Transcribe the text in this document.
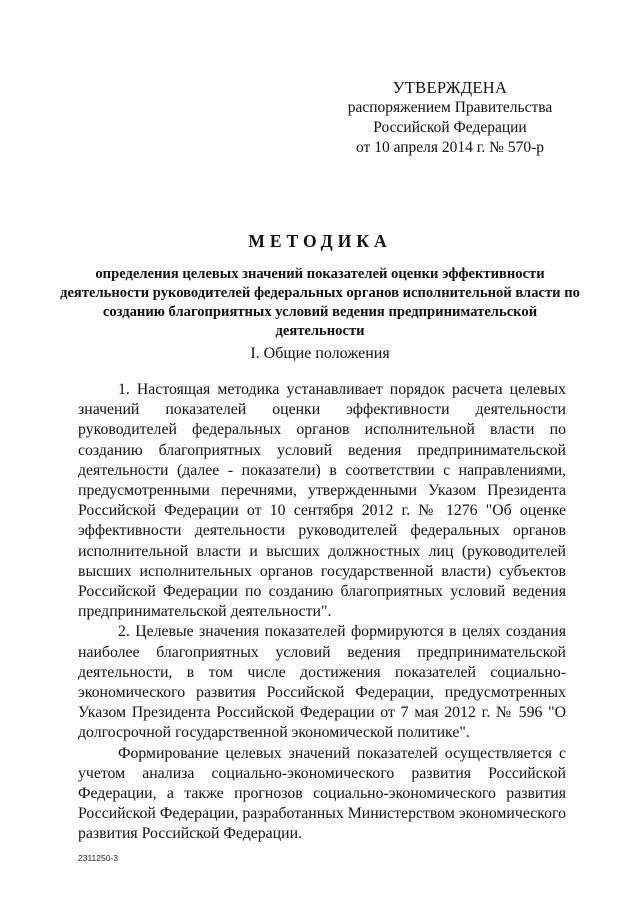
УТВЕРЖДЕНА
распоряжением Правительства
Российской Федерации
от 10 апреля 2014 г. № 570-р
МЕТОДИКА
определения целевых значений показателей оценки эффективности деятельности руководителей федеральных органов исполнительной власти по созданию благоприятных условий ведения предпринимательской деятельности
I. Общие положения

1. Настоящая методика устанавливает порядок расчета целевых значений показателей оценки эффективности деятельности руководителей федеральных органов исполнительной власти по созданию благоприятных условий ведения предпринимательской деятельности (далее - показатели) в соответствии с направлениями, предусмотренными перечнями, утвержденными Указом Президента Российской Федерации от 10 сентября 2012 г. № 1276 "Об оценке эффективности деятельности руководителей федеральных органов исполнительной власти и высших должностных лиц (руководителей высших исполнительных органов государственной власти) субъектов Российской Федерации по созданию благоприятных условий ведения предпринимательской деятельности".

2. Целевые значения показателей формируются в целях создания наиболее благоприятных условий ведения предпринимательской деятельности, в том числе достижения показателей социально-экономического развития Российской Федерации, предусмотренных Указом Президента Российской Федерации от 7 мая 2012 г. № 596 "О долгосрочной государственной экономической политике".

Формирование целевых значений показателей осуществляется с учетом анализа социально-экономического развития Российской Федерации, а также прогнозов социально-экономического развития Российской Федерации, разработанных Министерством экономического развития Российской Федерации.

2311250-3
